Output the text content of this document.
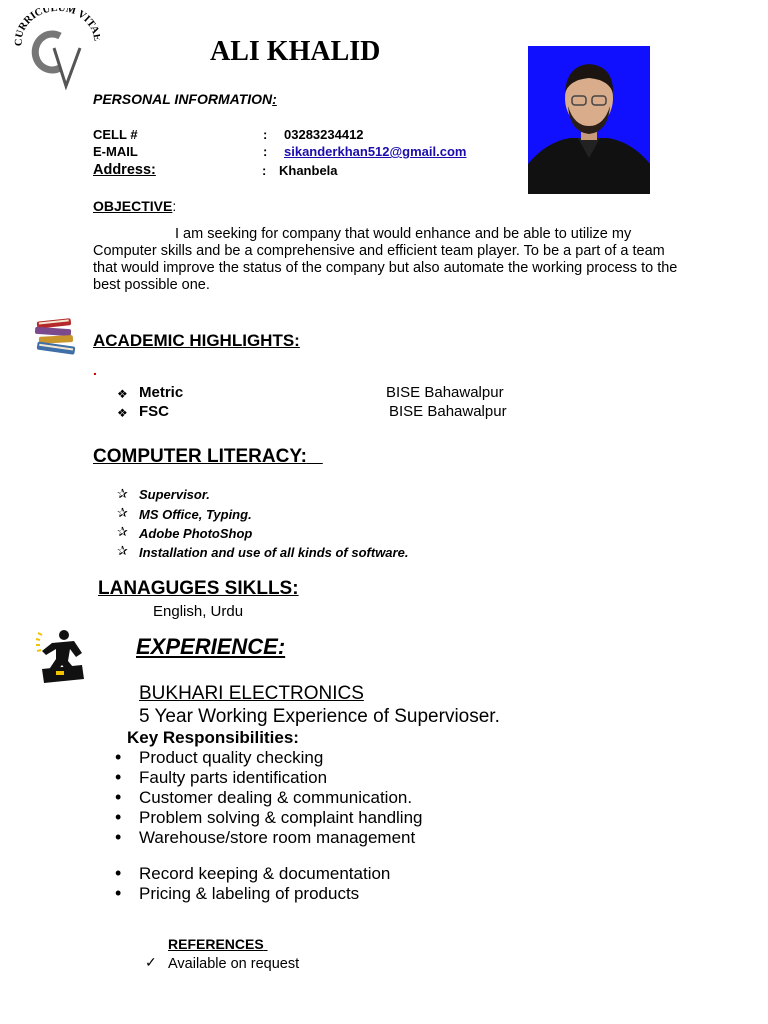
CURRICULUM VITA
ALI KHALID
PERSONAL INFORMATION:
CELL #	: 03283234412
E-MAIL	: sikanderkhan512@gmail.com
Address:	: Khanbela
OBJECTIVE:
I am seeking for company that would enhance and be able to utilize my Computer skills and be a comprehensive and efficient team player. To be a part of a team that would improve the status of the company but also automate the working process to the best possible one.
ACADEMIC HIGHLIGHTS:
.
❖ Metric	BISE Bahawalpur
❖ FSC	BISE Bahawalpur
COMPUTER LITERACY:
✰ Supervisor.
✰ MS Office, Typing.
✰ Adobe PhotoShop
✰ Installation and use of all kinds of software.
LANAGUGES SIKLLS:
English, Urdu
EXPERIENCE:
BUKHARI ELECTRONICS
5 Year Working Experience of Supervioser.
Key Responsibilities:
• Product quality checking
• Faulty parts identification
• Customer dealing & communication.
• Problem solving & complaint handling
• Warehouse/store room management
• Record keeping & documentation
• Pricing & labeling of products
REFERENCES
✓ Available on request
